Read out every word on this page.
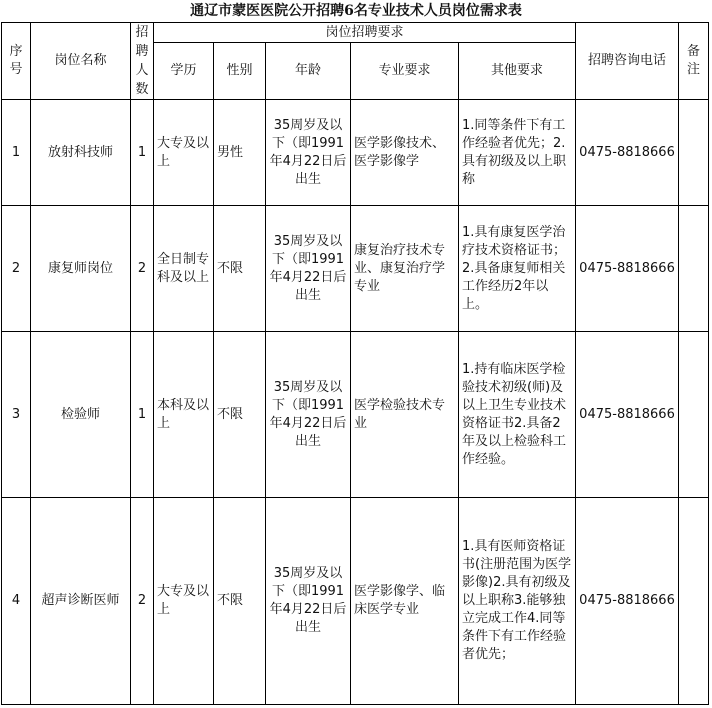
通辽市蒙医医院公开招聘6名专业技术人员岗位需求表
序号	岗位名称	招聘人数	岗位招聘要求					招聘咨询电话	备注

			学历	性别	年龄	专业要求	其他要求		
1	放射科技师	1	大专及以上	男性	35周岁及以下（即1991年4月22日后出生	医学影像技术、医学影像学	1.同等条件下有工作经验者优先；2.具有初级及以上职称	0475-8818666	
2	康复师岗位	2	全日制专科及以上	不限	35周岁及以下（即1991年4月22日后出生	康复治疗技术专业、康复治疗学专业	1.具有康复医学治疗技术资格证书；2.具备康复师相关工作经历2年以上。	0475-8818666	
3	检验师	1	本科及以上	不限	35周岁及以下（即1991年4月22日后出生	医学检验技术专业	1.持有临床医学检验技术初级(师)及以上卫生专业技术资格证书2.具备2年及以上检验科工作经验。	0475-8818666	
4	超声诊断医师	2	大专及以上	不限	35周岁及以下（即1991年4月22日后出生	医学影像学、临床医学专业	1.具有医师资格证书(注册范围为医学影像)2.具有初级及以上职称3.能够独立完成工作4.同等条件下有工作经验者优先；	0475-8818666	
